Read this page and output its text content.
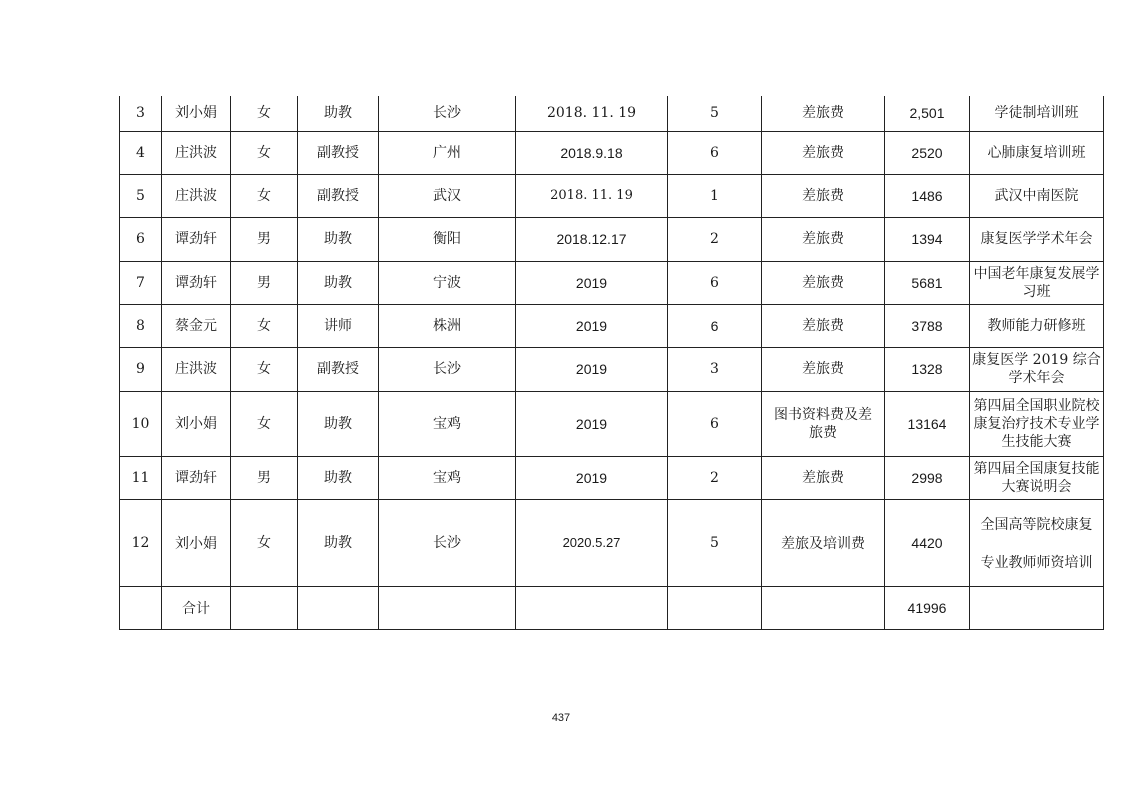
3	刘小娟	女	助教	长沙	2018. 11. 19	5	差旅费	2,501	学徒制培训班
4	庄洪波	女	副教授	广州	2018.9.18	6	差旅费	2520	心肺康复培训班
5	庄洪波	女	副教授	武汉	2018. 11. 19	1	差旅费	1486	武汉中南医院
6	谭劲轩	男	助教	衡阳	2018.12.17	2	差旅费	1394	康复医学学术年会
7	谭劲轩	男	助教	宁波	2019	6	差旅费	5681	中国老年康复发展学习班
8	蔡金元	女	讲师	株洲	2019	6	差旅费	3788	教师能力研修班
9	庄洪波	女	副教授	长沙	2019	3	差旅费	1328	康复医学 2019 综合学术年会
10	刘小娟	女	助教	宝鸡	2019	6	图书资料费及差旅费	13164	第四届全国职业院校康复治疗技术专业学生技能大赛
11	谭劲轩	男	助教	宝鸡	2019	2	差旅费	2998	第四届全国康复技能大赛说明会
12	刘小娟	女	助教	长沙	2020.5.27	5	差旅及培训费	4420	全国高等院校康复
专业教师师资培训

	合计							41996	
437
